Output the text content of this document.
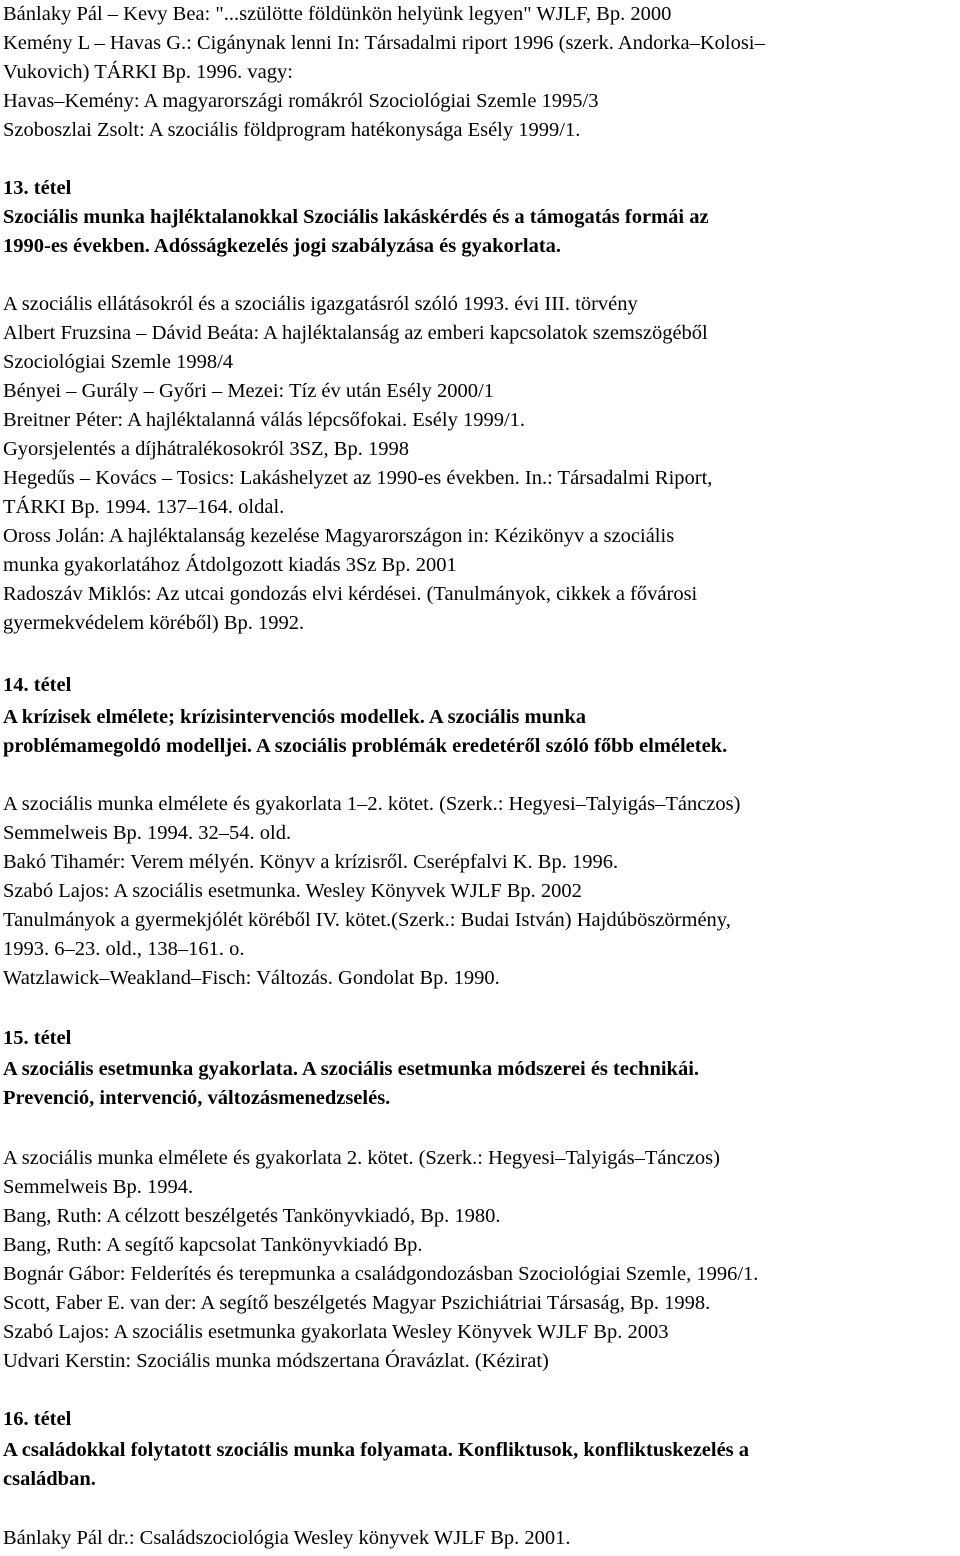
Bánlaky Pál – Kevy Bea: "...szülötte földünkön helyünk legyen" WJLF, Bp. 2000
Kemény L – Havas G.: Cigánynak lenni In: Társadalmi riport 1996 (szerk. Andorka–Kolosi–
Vukovich) TÁRKI Bp. 1996. vagy:
Havas–Kemény: A magyarországi romákról Szociológiai Szemle 1995/3
Szoboszlai Zsolt: A szociális földprogram hatékonysága Esély 1999/1.
13. tétel
Szociális munka hajléktalanokkal Szociális lakáskérdés és a támogatás formái az
1990-es években. Adósságkezelés jogi szabályzása és gyakorlata.
A szociális ellátásokról és a szociális igazgatásról szóló 1993. évi III. törvény
Albert Fruzsina – Dávid Beáta: A hajléktalanság az emberi kapcsolatok szemszögéből
Szociológiai Szemle 1998/4
Bényei – Gurály – Győri – Mezei: Tíz év után Esély 2000/1
Breitner Péter: A hajléktalanná válás lépcsőfokai. Esély 1999/1.
Gyorsjelentés a díjhátralékosokról 3SZ, Bp. 1998
Hegedűs – Kovács – Tosics: Lakáshelyzet az 1990-es években. In.: Társadalmi Riport,
TÁRKI Bp. 1994. 137–164. oldal.
Oross Jolán: A hajléktalanság kezelése Magyarországon in: Kézikönyv a szociális
munka gyakorlatához Átdolgozott kiadás 3Sz Bp. 2001
Radoszáv Miklós: Az utcai gondozás elvi kérdései. (Tanulmányok, cikkek a fővárosi
gyermekvédelem köréből) Bp. 1992.
14. tétel
A krízisek elmélete; krízisintervenciós modellek. A szociális munka
problémamegoldó modelljei. A szociális problémák eredetéről szóló főbb elméletek.
A szociális munka elmélete és gyakorlata 1–2. kötet. (Szerk.: Hegyesi–Talyigás–Tánczos)
Semmelweis Bp. 1994. 32–54. old.
Bakó Tihamér: Verem mélyén. Könyv a krízisről. Cserépfalvi K. Bp. 1996.
Szabó Lajos: A szociális esetmunka. Wesley Könyvek WJLF Bp. 2002
Tanulmányok a gyermekjólét köréből IV. kötet.(Szerk.: Budai István) Hajdúböszörmény,
1993. 6–23. old., 138–161. o.
Watzlawick–Weakland–Fisch: Változás. Gondolat Bp. 1990.
15. tétel
A szociális esetmunka gyakorlata. A szociális esetmunka módszerei és technikái.
Prevenció, intervenció, változásmenedzselés.
A szociális munka elmélete és gyakorlata 2. kötet. (Szerk.: Hegyesi–Talyigás–Tánczos)
Semmelweis Bp. 1994.
Bang, Ruth: A célzott beszélgetés Tankönyvkiadó, Bp. 1980.
Bang, Ruth: A segítő kapcsolat Tankönyvkiadó Bp.
Bognár Gábor: Felderítés és terepmunka a családgondozásban Szociológiai Szemle, 1996/1.
Scott, Faber E. van der: A segítő beszélgetés Magyar Pszichiátriai Társaság, Bp. 1998.
Szabó Lajos: A szociális esetmunka gyakorlata Wesley Könyvek WJLF Bp. 2003
Udvari Kerstin: Szociális munka módszertana Óravázlat. (Kézirat)
16. tétel
A családokkal folytatott szociális munka folyamata. Konfliktusok, konfliktuskezelés a
családban.
Bánlaky Pál dr.: Családszociológia Wesley könyvek WJLF Bp. 2001.
